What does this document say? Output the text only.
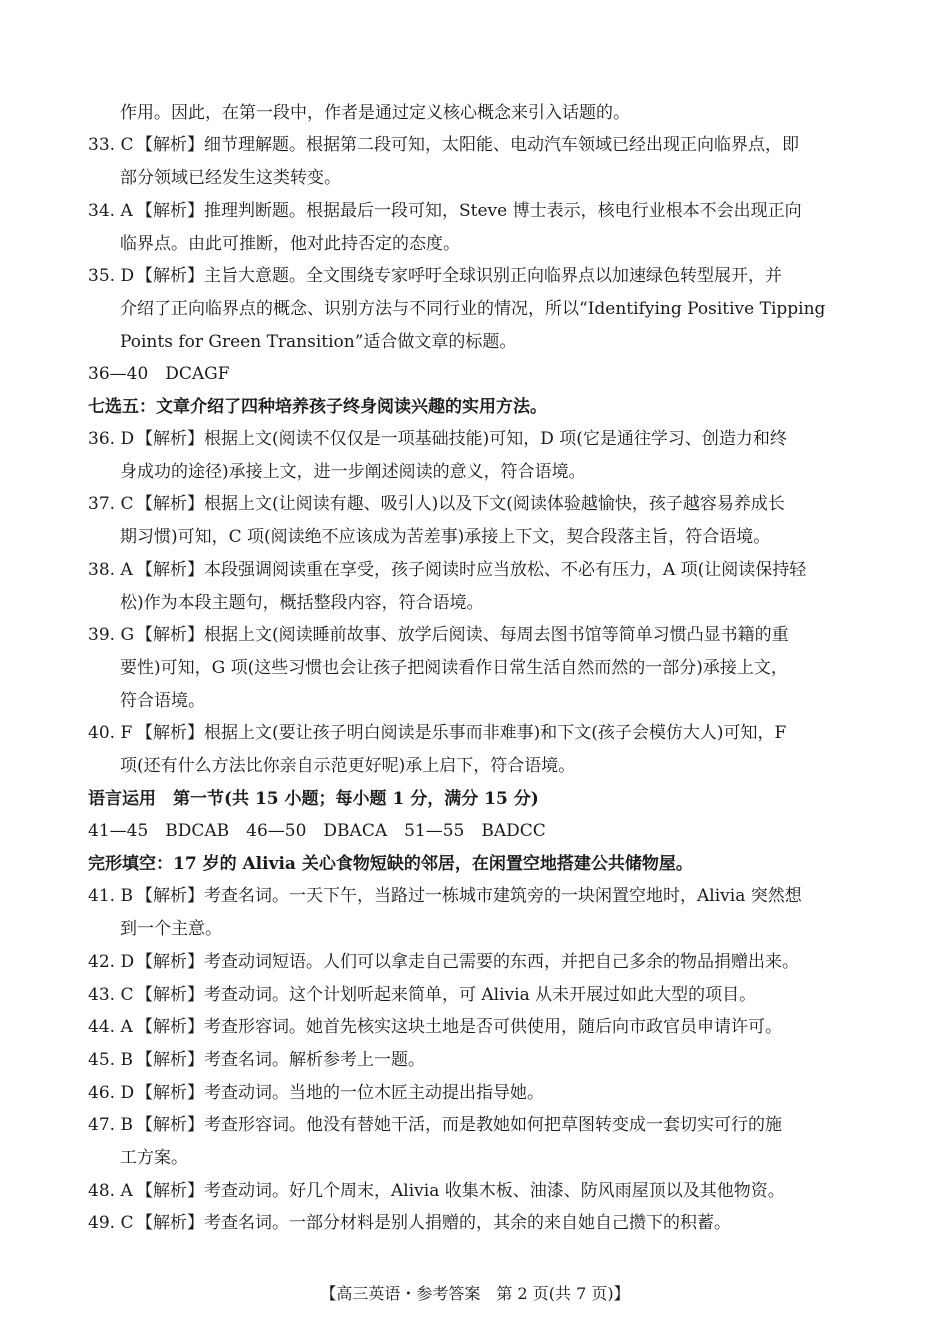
作用。因此，在第一段中，作者是通过定义核心概念来引入话题的。
33. C 【解析】细节理解题。根据第二段可知，太阳能、电动汽车领域已经出现正向临界点，即
部分领域已经发生这类转变。
34. A 【解析】推理判断题。根据最后一段可知，Steve 博士表示，核电行业根本不会出现正向
临界点。由此可推断，他对此持否定的态度。
35. D 【解析】主旨大意题。全文围绕专家呼吁全球识别正向临界点以加速绿色转型展开，并
介绍了正向临界点的概念、识别方法与不同行业的情况，所以“Identifying Positive Tipping
Points for Green Transition”适合做文章的标题。
36—40　DCAGF
七选五：文章介绍了四种培养孩子终身阅读兴趣的实用方法。
36. D 【解析】根据上文(阅读不仅仅是一项基础技能)可知，D 项(它是通往学习、创造力和终
身成功的途径)承接上文，进一步阐述阅读的意义，符合语境。
37. C 【解析】根据上文(让阅读有趣、吸引人)以及下文(阅读体验越愉快，孩子越容易养成长
期习惯)可知，C 项(阅读绝不应该成为苦差事)承接上下文，契合段落主旨，符合语境。
38. A 【解析】本段强调阅读重在享受，孩子阅读时应当放松、不必有压力，A 项(让阅读保持轻
松)作为本段主题句，概括整段内容，符合语境。
39. G 【解析】根据上文(阅读睡前故事、放学后阅读、每周去图书馆等简单习惯凸显书籍的重
要性)可知，G 项(这些习惯也会让孩子把阅读看作日常生活自然而然的一部分)承接上文，
符合语境。
40. F 【解析】根据上文(要让孩子明白阅读是乐事而非难事)和下文(孩子会模仿大人)可知，F
项(还有什么方法比你亲自示范更好呢)承上启下，符合语境。
语言运用　第一节(共 15 小题；每小题 1 分，满分 15 分)
41—45　BDCAB　46—50　DBACA　51—55　BADCC
完形填空：17 岁的 Alivia 关心食物短缺的邻居，在闲置空地搭建公共储物屋。
41. B 【解析】考查名词。一天下午，当路过一栋城市建筑旁的一块闲置空地时，Alivia 突然想
到一个主意。
42. D 【解析】考查动词短语。人们可以拿走自己需要的东西，并把自己多余的物品捐赠出来。
43. C 【解析】考查动词。这个计划听起来简单，可 Alivia 从未开展过如此大型的项目。
44. A 【解析】考查形容词。她首先核实这块土地是否可供使用，随后向市政官员申请许可。
45. B 【解析】考查名词。解析参考上一题。
46. D 【解析】考查动词。当地的一位木匠主动提出指导她。
47. B 【解析】考查形容词。他没有替她干活，而是教她如何把草图转变成一套切实可行的施
工方案。
48. A 【解析】考查动词。好几个周末，Alivia 收集木板、油漆、防风雨屋顶以及其他物资。
49. C 【解析】考查名词。一部分材料是别人捐赠的，其余的来自她自己攒下的积蓄。
【高三英语・参考答案　第 2 页(共 7 页)】
